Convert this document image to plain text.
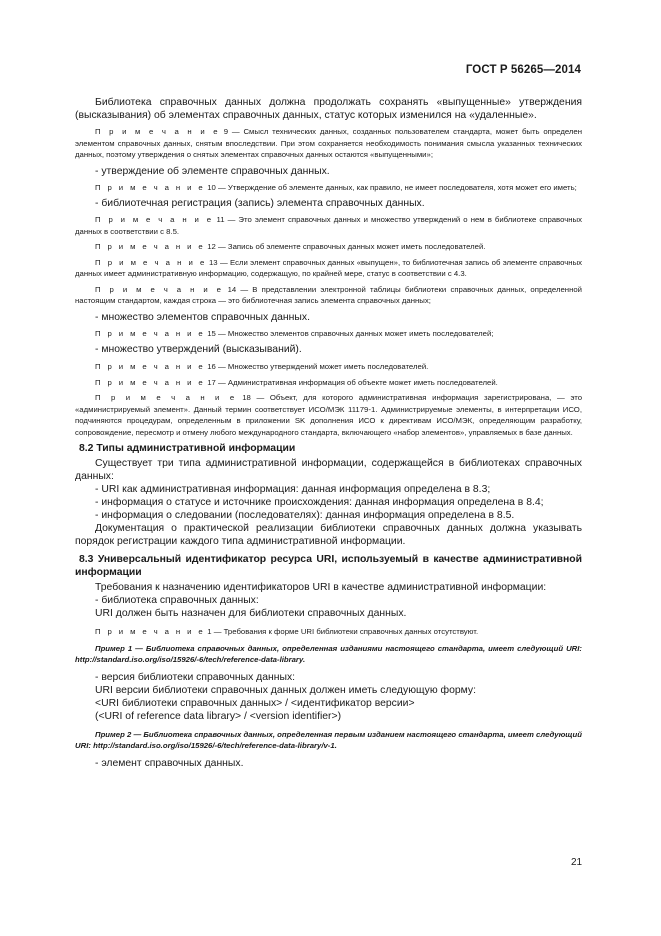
ГОСТ Р 56265—2014

Библиотека справочных данных должна продолжать сохранять «выпущенные» утверждения (высказывания) об элементах справочных данных, статус которых изменился на «удаленные».

П р и м е ч а н и е 9 — Смысл технических данных, созданных пользователем стандарта, может быть определен элементом справочных данных, снятым впоследствии. При этом сохраняется необходимость понимания смысла указанных технических данных, поэтому утверждения о снятых элементах справочных данных остаются «выпущенными»;

- утверждение об элементе справочных данных.

П р и м е ч а н и е 10 — Утверждение об элементе данных, как правило, не имеет последователя, хотя может его иметь;

- библиотечная регистрация (запись) элемента справочных данных.

П р и м е ч а н и е 11 — Это элемент справочных данных и множество утверждений о нем в библиотеке справочных данных в соответствии с 8.5.

П р и м е ч а н и е 12 — Запись об элементе справочных данных может иметь последователей.

П р и м е ч а н и е 13 — Если элемент справочных данных «выпущен», то библиотечная запись об элементе справочных данных имеет административную информацию, содержащую, по крайней мере, статус в соответствии с 4.3.

П р и м е ч а н и е 14 — В представлении электронной таблицы библиотеки справочных данных, определенной настоящим стандартом, каждая строка — это библиотечная запись элемента справочных данных;

- множество элементов справочных данных.

П р и м е ч а н и е 15 — Множество элементов справочных данных может иметь последователей;

- множество утверждений (высказываний).

П р и м е ч а н и е 16 — Множество утверждений может иметь последователей.

П р и м е ч а н и е 17 — Административная информация об объекте может иметь последователей.

П р и м е ч а н и е 18 — Объект, для которого административная информация зарегистрирована, — это «администрируемый элемент». Данный термин соответствует ИСО/МЭК 11179-1. Администрируемые элементы, в интерпретации ИСО, подчиняются процедурам, определенным в приложении SK дополнения ИСО к директивам ИСО/МЭК, определяющим разработку, сопровождение, пересмотр и отмену любого международного стандарта, включающего «набор элементов», управляемых в базе данных.

8.2 Типы административной информации

Существует три типа административной информации, содержащейся в библиотеках справочных данных:

- URI как административная информация: данная информация определена в 8.3;

- информация о статусе и источнике происхождения: данная информация определена в 8.4;

- информация о следовании (последователях): данная информация определена в 8.5.

Документация о практической реализации библиотеки справочных данных должна указывать порядок регистрации каждого типа административной информации.

8.3 Универсальный идентификатор ресурса URI, используемый в качестве административной информации

Требования к назначению идентификаторов URI в качестве административной информации:

- библиотека справочных данных:

URI должен быть назначен для библиотеки справочных данных.

П р и м е ч а н и е 1 — Требования к форме URI библиотеки справочных данных отсутствуют.

Пример 1 — Библиотека справочных данных, определенная изданиями настоящего стандарта, имеет следующий URI: http://standard.iso.org/iso/15926/-6/tech/reference-data-library.

- версия библиотеки справочных данных:

URI версии библиотеки справочных данных должен иметь следующую форму:

<URI библиотеки справочных данных> / <идентификатор версии>

(<URI of reference data library> / <version identifier>)

Пример 2 — Библиотека справочных данных, определенная первым изданием настоящего стандарта, имеет следующий URI: http://standard.iso.org/iso/15926/-6/tech/reference-data-library/v-1.

- элемент справочных данных.

21
